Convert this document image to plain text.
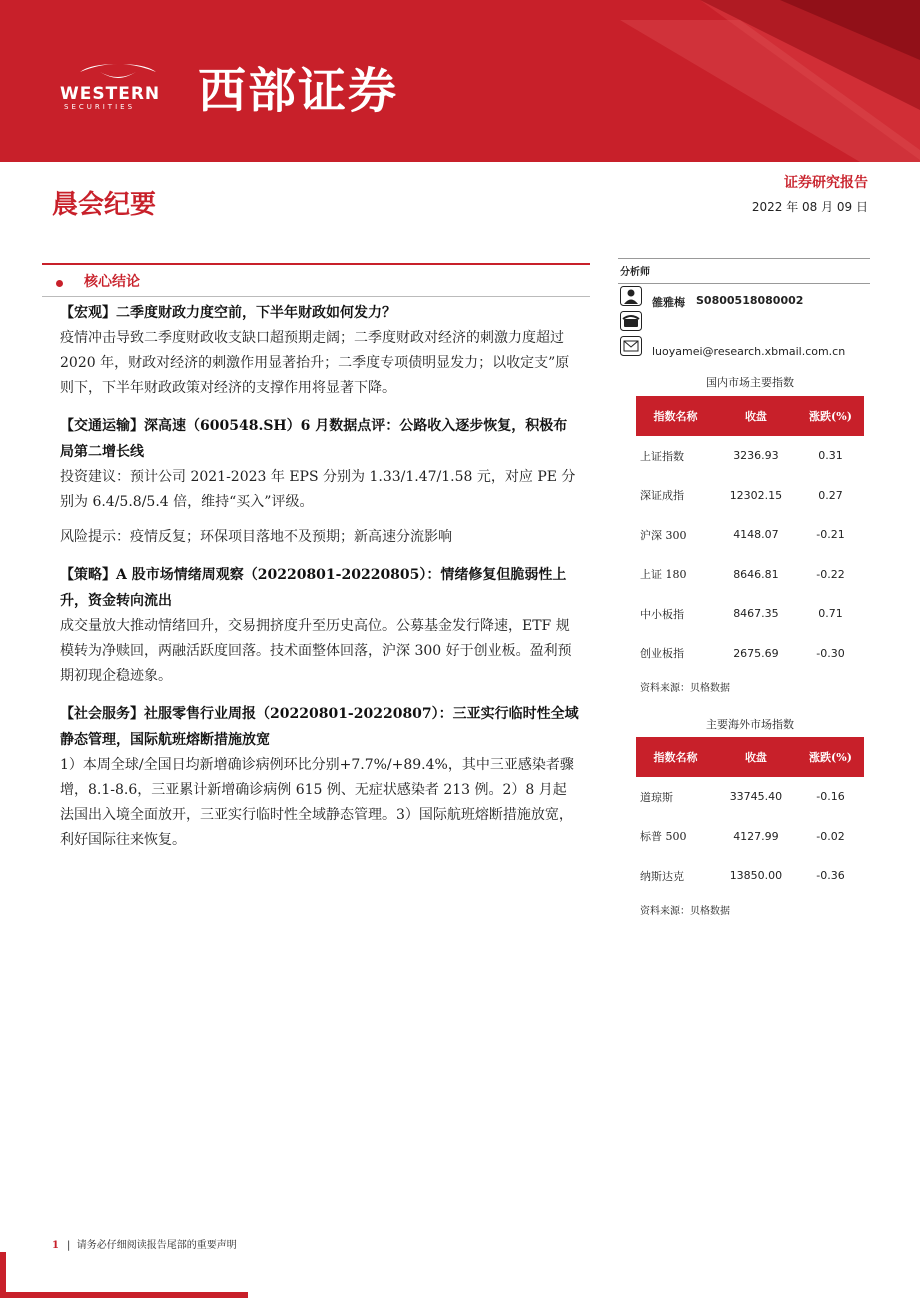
WESTERN
SECURITIES 西部证券
晨会纪要
证券研究报告
2022 年 08 月 09 日
核心结论
【宏观】二季度财政力度空前，下半年财政如何发力？

疫情冲击导致二季度财政收支缺口超预期走阔；二季度财政对经济的刺激力度超过 2020 年，财政对经济的刺激作用显著抬升；二季度专项债明显发力；以收定支”原则下，下半年财政政策对经济的支撑作用将显著下降。

【交通运输】深高速（600548.SH）6 月数据点评：公路收入逐步恢复，积极布局第二增长线

投资建议：预计公司 2021-2023 年 EPS 分别为 1.33/1.47/1.58 元，对应 PE 分别为 6.4/5.8/5.4 倍，维持“买入”评级。

风险提示：疫情反复；环保项目落地不及预期；新高速分流影响

【策略】A 股市场情绪周观察（20220801-20220805）：情绪修复但脆弱性上升，资金转向流出

成交量放大推动情绪回升，交易拥挤度升至历史高位。公募基金发行降速，ETF 规模转为净赎回，两融活跃度回落。技术面整体回落，沪深 300 好于创业板。盈利预期初现企稳迹象。

【社会服务】社服零售行业周报（20220801-20220807）：三亚实行临时性全域静态管理，国际航班熔断措施放宽

1）本周全球/全国日均新增确诊病例环比分别+7.7%/+89.4%，其中三亚感染者骤增，8.1-8.6，三亚累计新增确诊病例 615 例、无症状感染者 213 例。2）8 月起法国出入境全面放开，三亚实行临时性全域静态管理。3）国际航班熔断措施放宽，利好国际往来恢复。

分析师
雒雅梅 S0800518080002
luoyamei@research.xbmail.com.cn
国内市场主要指数
指数名称	收盘	涨跌(%)
上证指数	3236.93	0.31
深证成指	12302.15	0.27
沪深 300	4148.07	-0.21
上证 180	8646.81	-0.22
中小板指	8467.35	0.71
创业板指	2675.69	-0.30
资料来源：贝格数据
主要海外市场指数
指数名称	收盘	涨跌(%)
道琼斯	33745.40	-0.16
标普 500	4127.99	-0.02
纳斯达克	13850.00	-0.36
资料来源：贝格数据
1 |  请务必仔细阅读报告尾部的重要声明
